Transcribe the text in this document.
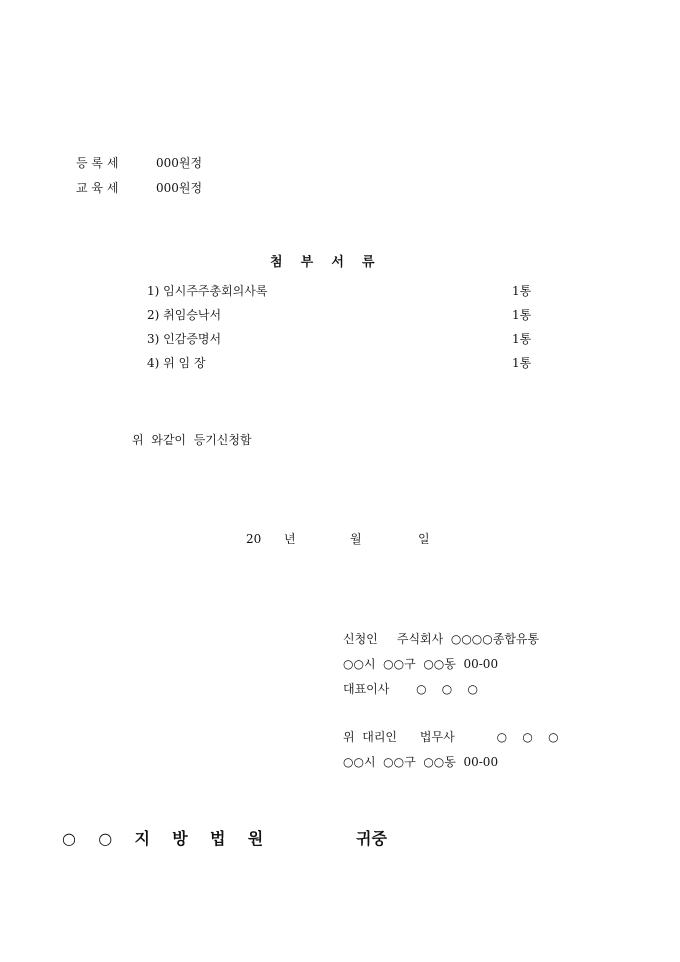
등 록 세	000원정
교 육 세	000원정
첨    부    서    류
1) 임시주주총회의사록	1통
2) 취임승낙서	1통
3) 인감증명서	1통
4) 위 임 장	1통
위  와같이  등기신청함
20 년	월	일
신청인     주식회사  ○○○○종합유통
○○시  ○○구  ○○동  00-00
대표이사       ○    ○    ○
위  대리인      법무사           ○    ○    ○
○○시  ○○구  ○○동  00-00
○    ○    지    방    법    원	귀중
